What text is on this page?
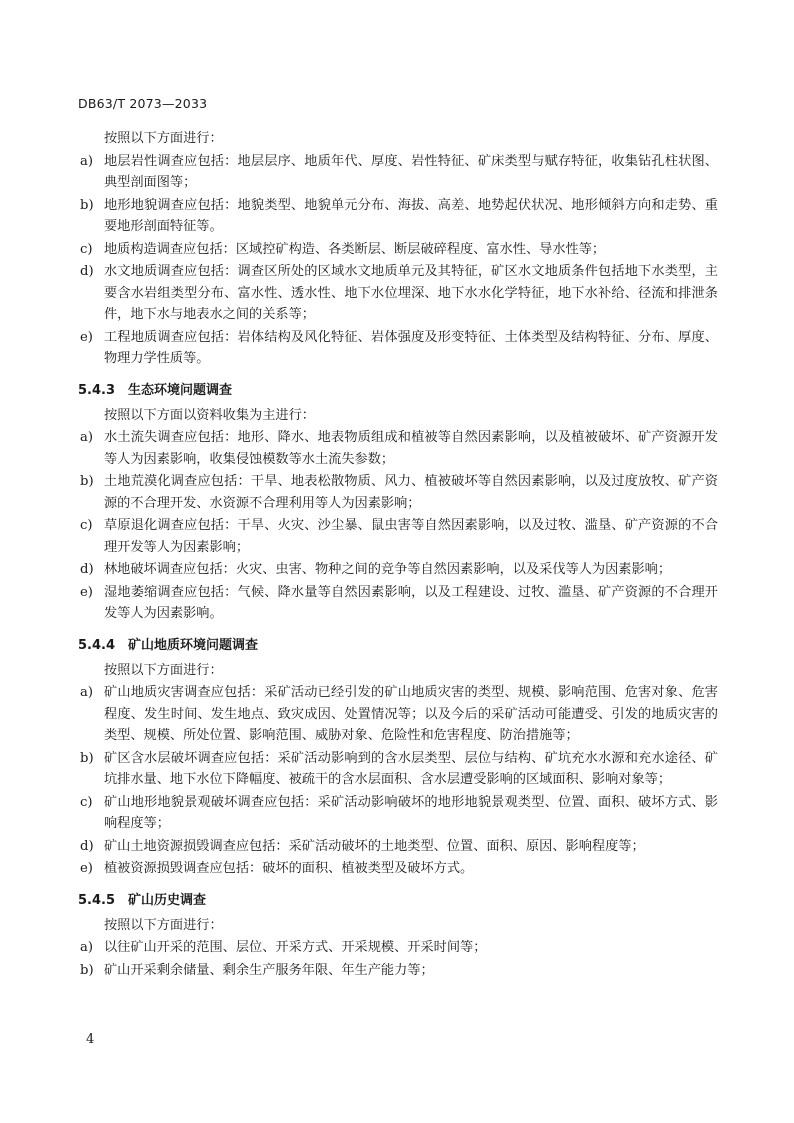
DB63/T 2073—2033

按照以下方面进行：

a) 地层岩性调查应包括：地层层序、地质年代、厚度、岩性特征、矿床类型与赋存特征，收集钻孔柱状图、典型剖面图等；
b) 地形地貌调查应包括：地貌类型、地貌单元分布、海拔、高差、地势起伏状况、地形倾斜方向和走势、重要地形剖面特征等。
c) 地质构造调查应包括：区域控矿构造、各类断层、断层破碎程度、富水性、导水性等；
d) 水文地质调查应包括：调查区所处的区域水文地质单元及其特征，矿区水文地质条件包括地下水类型，主要含水岩组类型分布、富水性、透水性、地下水位埋深、地下水水化学特征，地下水补给、径流和排泄条件，地下水与地表水之间的关系等；
e) 工程地质调查应包括：岩体结构及风化特征、岩体强度及形变特征、土体类型及结构特征、分布、厚度、物理力学性质等。
5.4.3 生态环境问题调查

按照以下方面以资料收集为主进行：

a) 水土流失调查应包括：地形、降水、地表物质组成和植被等自然因素影响，以及植被破坏、矿产资源开发等人为因素影响，收集侵蚀模数等水土流失参数；
b) 土地荒漠化调查应包括：干旱、地表松散物质、风力、植被破坏等自然因素影响，以及过度放牧、矿产资源的不合理开发、水资源不合理利用等人为因素影响；
c) 草原退化调查应包括：干旱、火灾、沙尘暴、鼠虫害等自然因素影响，以及过牧、滥垦、矿产资源的不合理开发等人为因素影响；
d) 林地破坏调查应包括：火灾、虫害、物种之间的竞争等自然因素影响，以及采伐等人为因素影响；
e) 湿地萎缩调查应包括：气候、降水量等自然因素影响，以及工程建设、过牧、滥垦、矿产资源的不合理开发等人为因素影响。
5.4.4 矿山地质环境问题调查

按照以下方面进行：

a) 矿山地质灾害调查应包括：采矿活动已经引发的矿山地质灾害的类型、规模、影响范围、危害对象、危害程度、发生时间、发生地点、致灾成因、处置情况等；以及今后的采矿活动可能遭受、引发的地质灾害的类型、规模、所处位置、影响范围、威胁对象、危险性和危害程度、防治措施等；
b) 矿区含水层破坏调查应包括：采矿活动影响到的含水层类型、层位与结构、矿坑充水水源和充水途径、矿坑排水量、地下水位下降幅度、被疏干的含水层面积、含水层遭受影响的区域面积、影响对象等；
c) 矿山地形地貌景观破坏调查应包括：采矿活动影响破坏的地形地貌景观类型、位置、面积、破坏方式、影响程度等；
d) 矿山土地资源损毁调查应包括：采矿活动破坏的土地类型、位置、面积、原因、影响程度等；
e) 植被资源损毁调查应包括：破坏的面积、植被类型及破坏方式。
5.4.5 矿山历史调查

按照以下方面进行：

a) 以往矿山开采的范围、层位、开采方式、开采规模、开采时间等；
b) 矿山开采剩余储量、剩余生产服务年限、年生产能力等；
4
